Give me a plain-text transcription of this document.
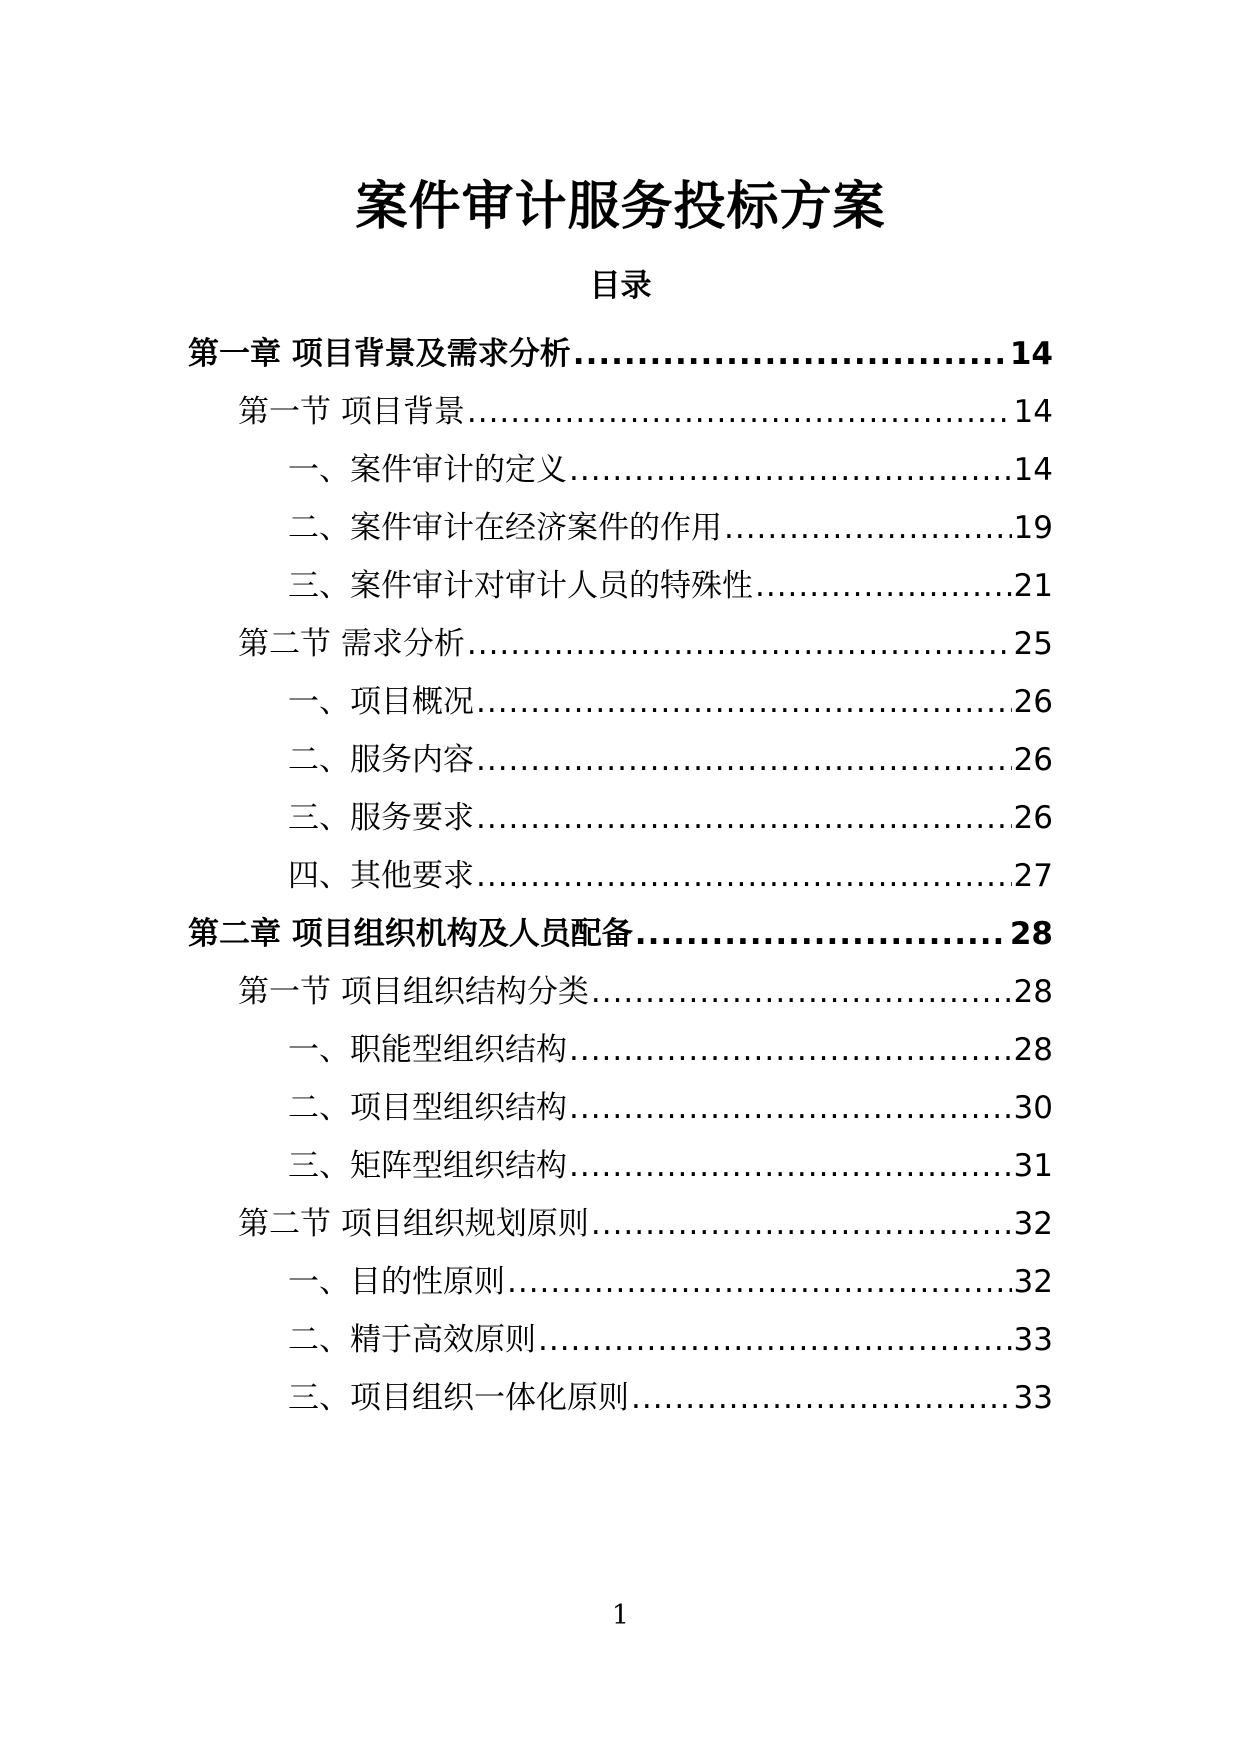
案件审计服务投标方案
目录
第一章 项目背景及需求分析 .....	14
第一节 项目背景 .....	14
一、案件审计的定义 .....	14
二、案件审计在经济案件的作用 .....	19
三、案件审计对审计人员的特殊性 .....	21
第二节 需求分析 .....	25
一、项目概况 .....	26
二、服务内容 .....	26
三、服务要求 .....	26
四、其他要求 .....	27
第二章 项目组织机构及人员配备 .....	28
第一节 项目组织结构分类 .....	28
一、职能型组织结构 .....	28
二、项目型组织结构 .....	30
三、矩阵型组织结构 .....	31
第二节 项目组织规划原则 .....	32
一、目的性原则 .....	32
二、精于高效原则 .....	33
三、项目组织一体化原则 .....	33
1
